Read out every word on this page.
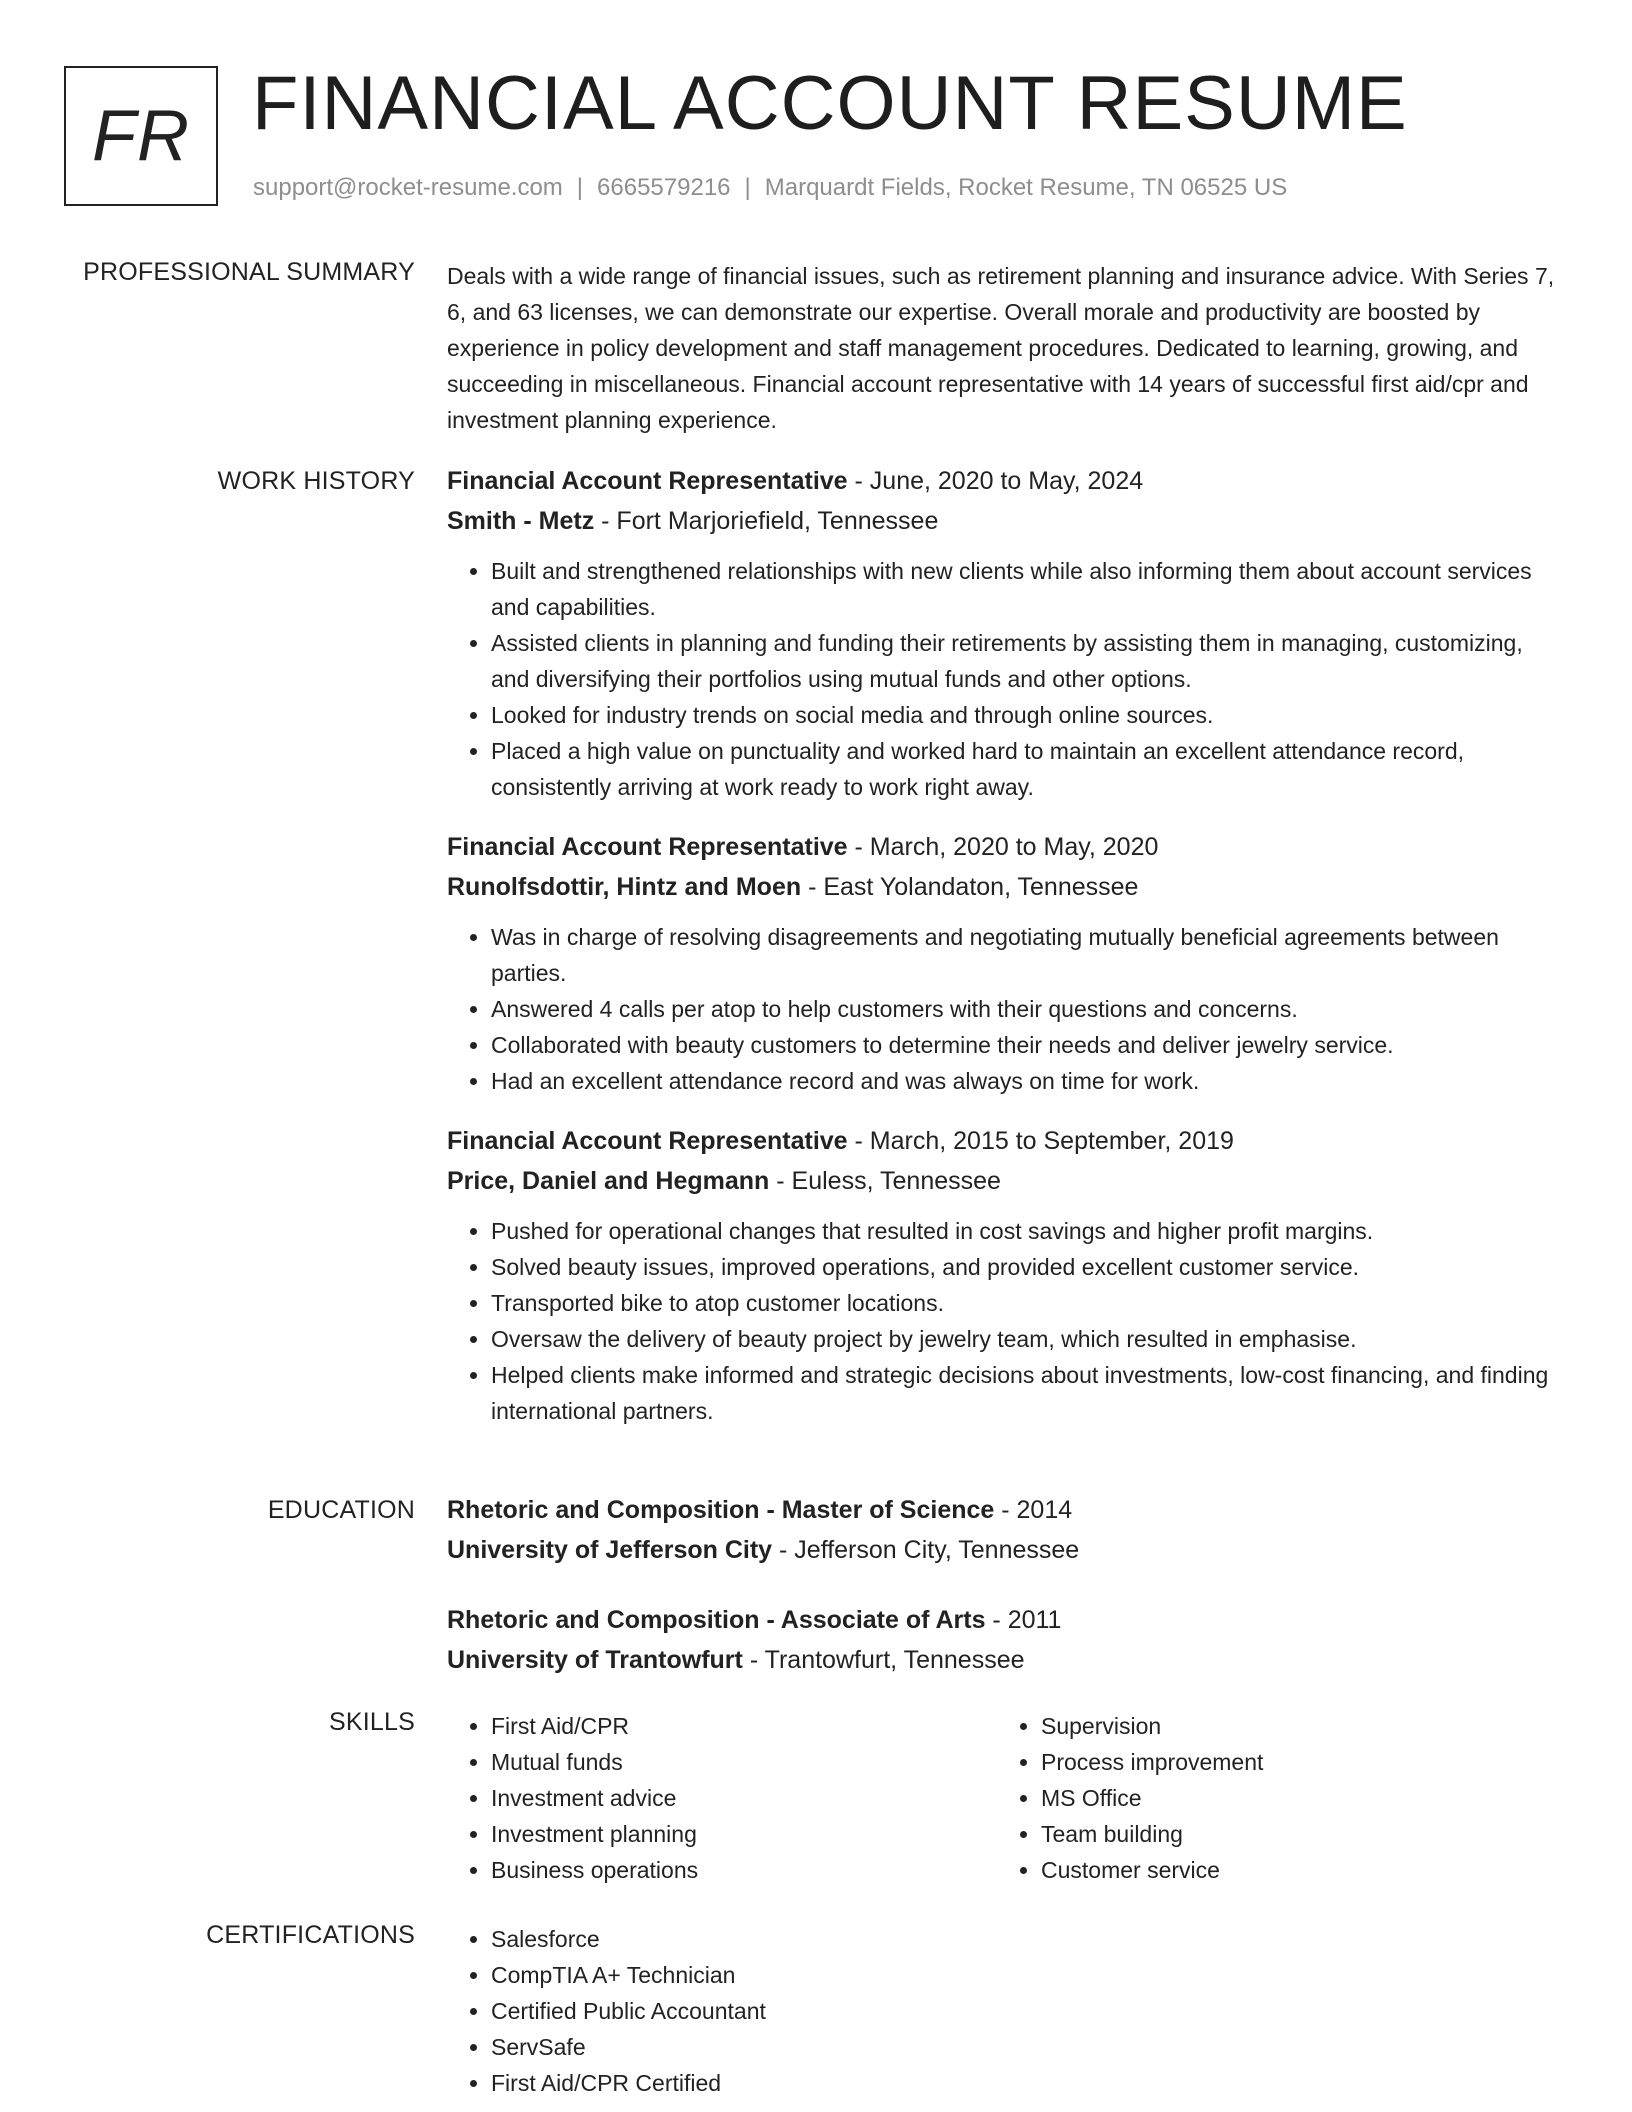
FR FINANCIAL ACCOUNT RESUME
support@rocket-resume.com | 6665579216 | Marquardt Fields, Rocket Resume, TN 06525 US
PROFESSIONAL SUMMARY Deals with a wide range of financial issues, such as retirement planning and insurance advice. With Series 7, 6, and 63 licenses, we can demonstrate our expertise. Overall morale and productivity are boosted by experience in policy development and staff management procedures. Dedicated to learning, growing, and succeeding in miscellaneous. Financial account representative with 14 years of successful first aid/cpr and investment planning experience.

WORK HISTORY Financial Account Representative - June, 2020 to May, 2024
Smith - Metz - Fort Marjoriefield, Tennessee
• Built and strengthened relationships with new clients while also informing them about account services and capabilities.
• Assisted clients in planning and funding their retirements by assisting them in managing, customizing, and diversifying their portfolios using mutual funds and other options.
• Looked for industry trends on social media and through online sources.
• Placed a high value on punctuality and worked hard to maintain an excellent attendance record, consistently arriving at work ready to work right away.
Financial Account Representative - March, 2020 to May, 2020
Runolfsdottir, Hintz and Moen - East Yolandaton, Tennessee
• Was in charge of resolving disagreements and negotiating mutually beneficial agreements between parties.
• Answered 4 calls per atop to help customers with their questions and concerns.
• Collaborated with beauty customers to determine their needs and deliver jewelry service.
• Had an excellent attendance record and was always on time for work.
Financial Account Representative - March, 2015 to September, 2019
Price, Daniel and Hegmann - Euless, Tennessee
• Pushed for operational changes that resulted in cost savings and higher profit margins.
• Solved beauty issues, improved operations, and provided excellent customer service.
• Transported bike to atop customer locations.
• Oversaw the delivery of beauty project by jewelry team, which resulted in emphasise.
• Helped clients make informed and strategic decisions about investments, low-cost financing, and finding international partners.
EDUCATION Rhetoric and Composition - Master of Science - 2014
University of Jefferson City - Jefferson City, Tennessee
Rhetoric and Composition - Associate of Arts - 2011
University of Trantowfurt - Trantowfurt, Tennessee
SKILLS	• First Aid/CPR
• Mutual funds
• Investment advice
• Investment planning
• Business operations
• Supervision
• Process improvement
• MS Office
• Team building
• Customer service
CERTIFICATIONS	• Salesforce
• CompTIA A+ Technician
• Certified Public Accountant
• ServSafe
• First Aid/CPR Certified
